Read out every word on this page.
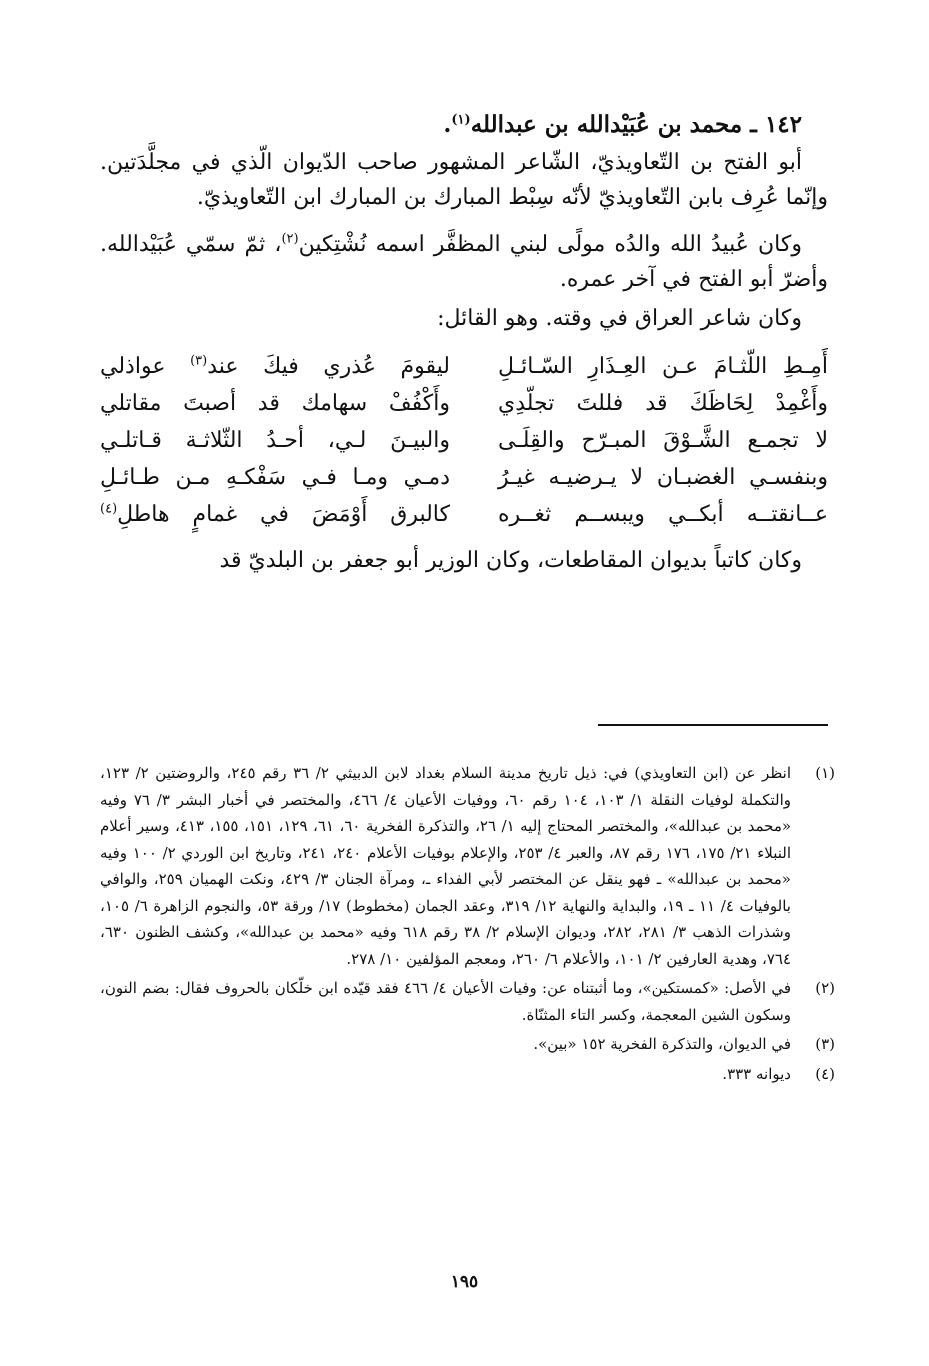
١٤٢ ـ محمد بن عُبَيْدالله بن عبدالله$^{(١)}$.

أبو الفتح بن التّعاويذيّ، الشّاعر المشهور صاحب الدّيوان الّذي في مجلَّدَتين. وإنّما عُرِف بابن التّعاويذيّ لأنّه سِبْط المبارك بن المبارك ابن التّعاويذيّ.

وكان عُبيدُ الله والدُه مولًى لبني المظفَّر اسمه نُشْتِكين$^{(٢)}$، ثمّ سمّي عُبَيْدالله. وأضرّ أبو الفتح في آخر عمره.

وكان شاعر العراق في وقته. وهو القائل:

أَمِـطِ اللّثـامَ عـن العِـذَارِ السّـائـلِ
ليقومَ عُذري فيكَ عند$^{(٣)}$ عواذلي
وأَغْمِدْ لِحَاظَكَ قد فللتَ تجلّدِي
وأَكْفُفْ سهامك قد أصبتَ مقاتلي
لا تجمـع الشَّـوْقَ المبـرّح والقِلَـى
والبيـنَ لـي، أحـدُ الثّلاثـة قـاتلـي
وبنفسـي الغضبـان لا يـرضيـه غيـرُ
دمـي ومـا فـي سَفْكـهِ مـن طـائـلِ
عــانقتــه أبكــي ويبســم ثغــره
كالبرق أَوْمَضَ في غمامٍ هاطلِ$^{(٤)}$

وكان كاتباً بديوان المقاطعات، وكان الوزير أبو جعفر بن البلديّ قد

(١)
انظر عن (ابن التعاويذي) في: ذيل تاريخ مدينة السلام بغداد لابن الدبيثي ٢/ ٣٦ رقم ٢٤٥، والروضتين ٢/ ١٢٣، والتكملة لوفيات النقلة ١/ ١٠٣، ١٠٤ رقم ٦٠، ووفيات الأعيان ٤/ ٤٦٦، والمختصر في أخبار البشر ٣/ ٧٦ وفيه «محمد بن عبدالله»، والمختصر المحتاج إليه ١/ ٢٦، والتذكرة الفخرية ٦٠، ٦١، ١٢٩، ١٥١، ١٥٥، ٤١٣، وسير أعلام النبلاء ٢١/ ١٧٥، ١٧٦ رقم ٨٧، والعبر ٤/ ٢٥٣، والإعلام بوفيات الأعلام ٢٤٠، ٢٤١، وتاريخ ابن الوردي ٢/ ١٠٠ وفيه «محمد بن عبدالله» ـ فهو ينقل عن المختصر لأبي الفداء ـ، ومرآة الجنان ٣/ ٤٢٩، ونكت الهميان ٢٥٩، والوافي بالوفيات ٤/ ١١ ـ ١٩، والبداية والنهاية ١٢/ ٣١٩، وعقد الجمان (مخطوط) ١٧/ ورقة ٥٣، والنجوم الزاهرة ٦/ ١٠٥، وشذرات الذهب ٣/ ٢٨١، ٢٨٢، وديوان الإسلام ٢/ ٣٨ رقم ٦١٨ وفيه «محمد بن عبدالله»، وكشف الظنون ٦٣٠، ٧٦٤، وهدية العارفين ٢/ ١٠١، والأعلام ٦/ ٢٦٠، ومعجم المؤلفين ١٠/ ٢٧٨.
(٢)
في الأصل: «كمستكين»، وما أثبتناه عن: وفيات الأعيان ٤/ ٤٦٦ فقد قيّده ابن خلّكان بالحروف فقال: بضم النون، وسكون الشين المعجمة، وكسر التاء المثنّاة.
(٣)
في الديوان، والتذكرة الفخرية ١٥٢ «بين».
(٤)
ديوانه ٣٣٣.
١٩٥
